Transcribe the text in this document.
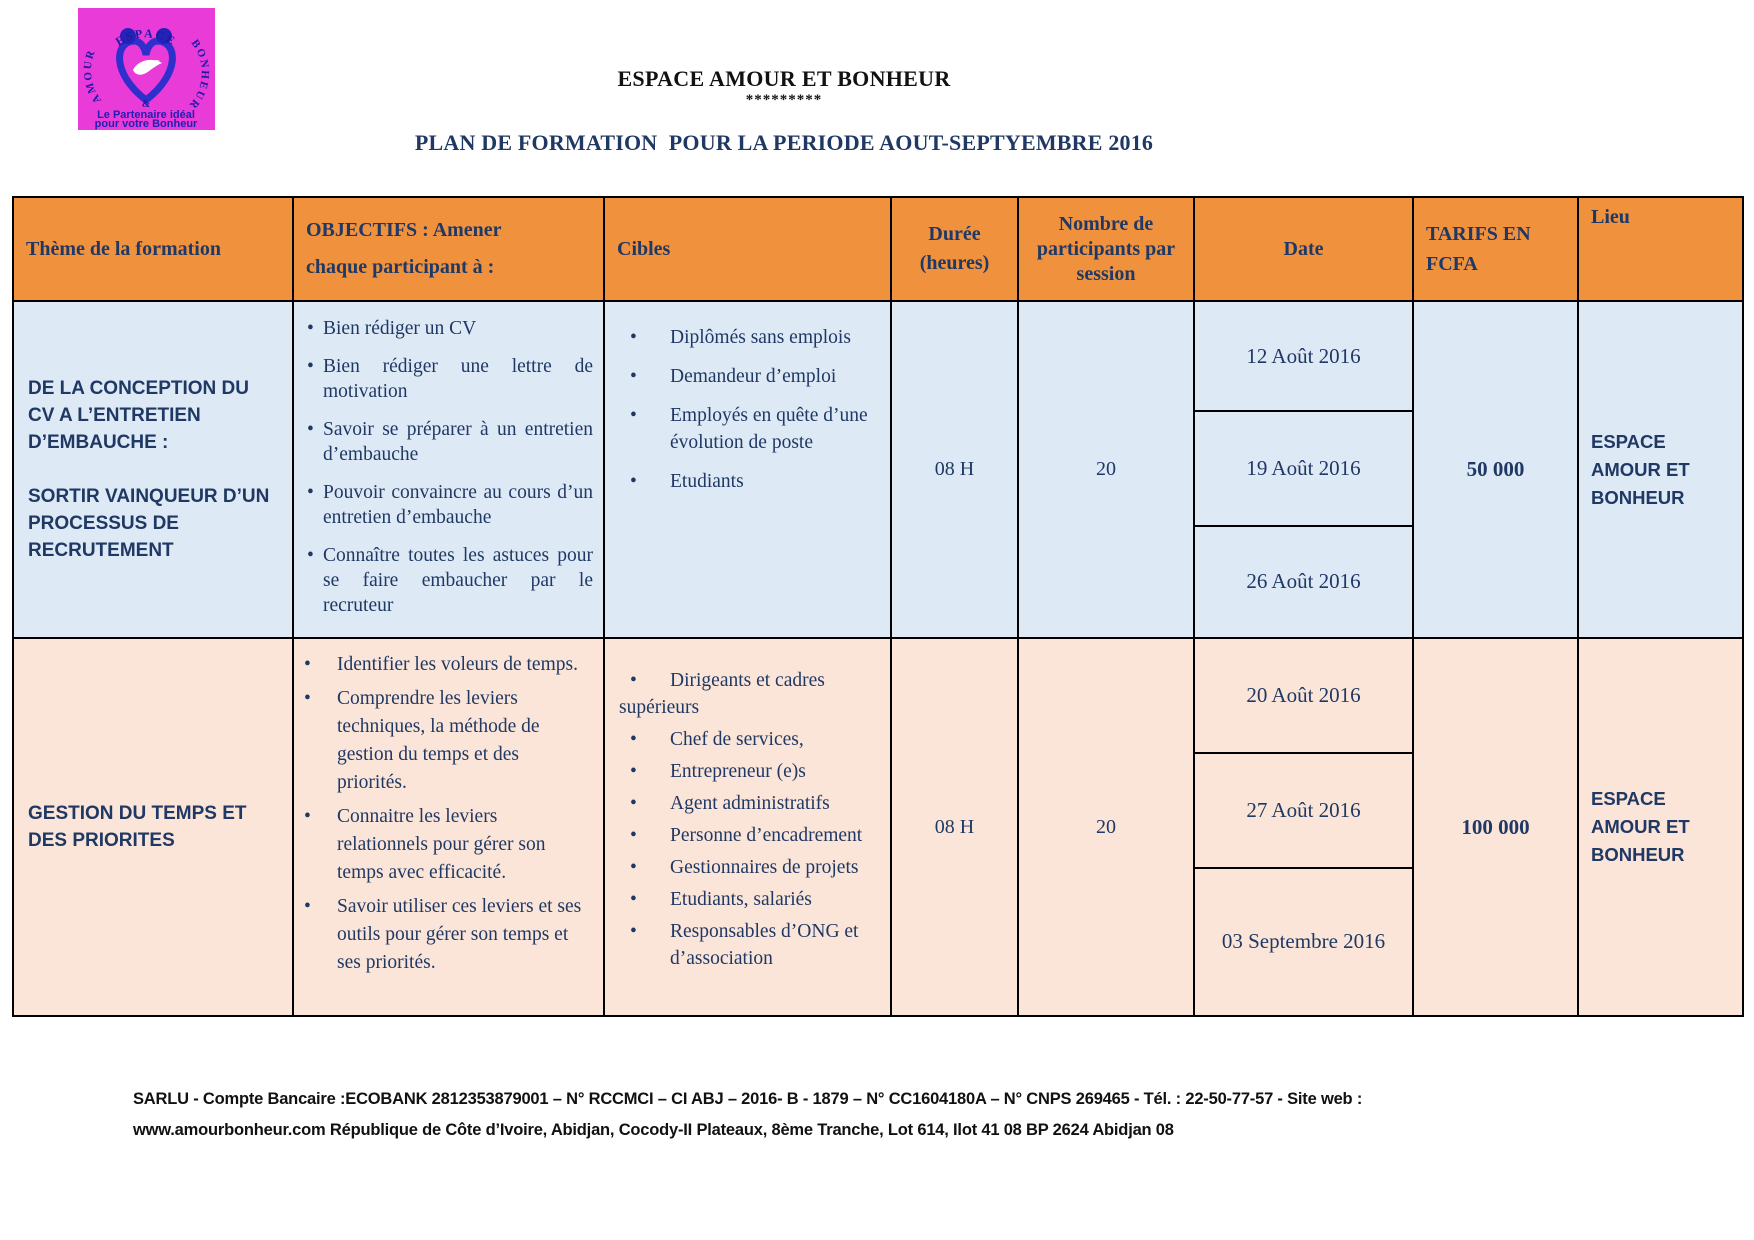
ESPACE
AMOUR
BONHEUR
&
Le Partenaire idéal
pour votre Bonheur
ESPACE AMOUR ET BONHEUR
*********
PLAN DE FORMATION  POUR LA PERIODE AOUT-SEPTYEMBRE 2016
Thème de la formation
OBJECTIFS : Amener
chaque participant à :
Cibles
Durée
(heures)
Nombre de participants par session
Date
TARIFS EN FCFA
Lieu
DE LA CONCEPTION DU CV A L’ENTRETIEN D’EMBAUCHE :
SORTIR VAINQUEUR D’UN PROCESSUS DE RECRUTEMENT
• Bien rédiger un CV
• Bien rédiger une lettre de motivation
• Savoir se préparer à un entretien d’embauche
• Pouvoir convaincre au cours d’un entretien d’embauche
• Connaître toutes les astuces pour se faire embaucher par le recruteur
• Diplômés sans emplois
• Demandeur d’emploi
• Employés en quête d’une évolution de poste
• Etudiants
08 H	20
12 Août 2016
19 Août 2016
26 Août 2016
50 000
ESPACE AMOUR ET BONHEUR
GESTION DU TEMPS ET DES PRIORITES
• Identifier les voleurs de temps.
• Comprendre les leviers techniques, la méthode de gestion du temps et des priorités.
• Connaitre les leviers relationnels pour gérer son temps avec efficacité.
• Savoir utiliser ces leviers et ses outils pour gérer son temps et ses priorités.
• Dirigeants et cadres supérieurs
• Chef de services,
• Entrepreneur (e)s
• Agent administratifs
• Personne d’encadrement
• Gestionnaires de projets
• Etudiants, salariés
• Responsables d’ONG et d’association
08 H	20
20 Août 2016
27 Août 2016
03 Septembre 2016
100 000
ESPACE AMOUR ET BONHEUR
SARLU - Compte Bancaire :ECOBANK 2812353879001 – N° RCCMCI – CI ABJ – 2016- B - 1879 – N° CC1604180A – N° CNPS 269465 - Tél. : 22-50-77-57 - Site web :
www.amourbonheur.com République de Côte d’Ivoire, Abidjan, Cocody-II Plateaux, 8ème Tranche, Lot 614, Ilot 41 08 BP 2624 Abidjan 08
